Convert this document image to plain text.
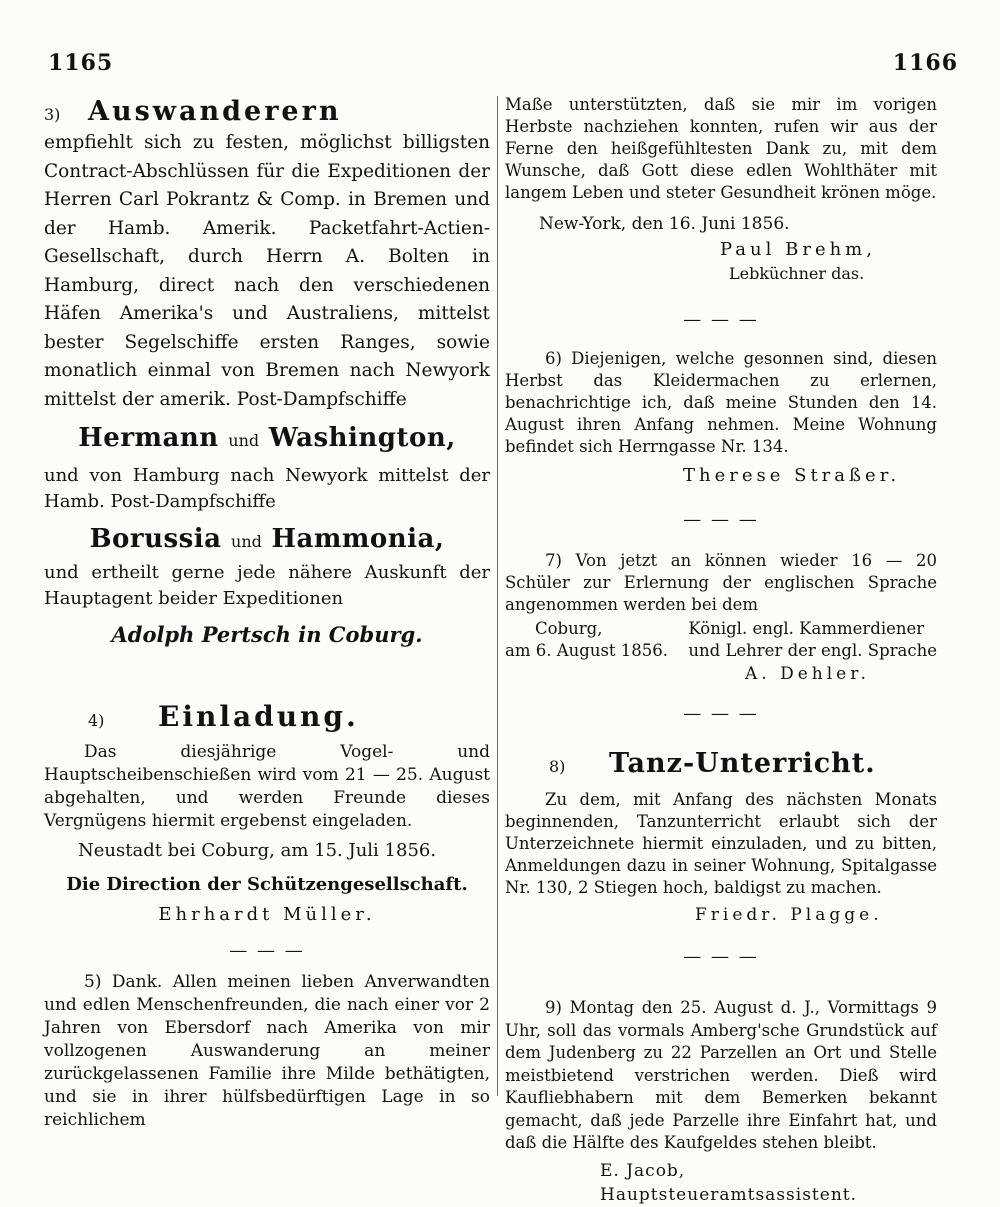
1165	1166
3)	Auswanderern

empfiehlt sich zu festen, möglichst billigsten Contract-Abschlüssen für die Expeditionen der Herren Carl Pokrantz & Comp. in Bremen und der Hamb. Amerik. Packetfahrt-Actien-Gesellschaft, durch Herrn A. Bolten in Hamburg, direct nach den verschiedenen Häfen Amerika's und Australiens, mittelst bester Segelschiffe ersten Ranges, sowie monatlich einmal von Bremen nach Newyork mittelst der amerik. Post-Dampfschiffe

Hermann und Washington,

und von Hamburg nach Newyork mittelst der Hamb. Post-Dampfschiffe

Borussia und Hammonia,

und ertheilt gerne jede nähere Auskunft der Hauptagent beider Expeditionen

Adolph Pertsch in Coburg.

4)	Einladung.

Das diesjährige Vogel- und Hauptscheibenschießen wird vom 21 — 25. August abgehalten, und werden Freunde dieses Vergnügens hiermit ergebenst eingeladen.

Neustadt bei Coburg, am 15. Juli 1856.

Die Direction der Schützengesellschaft.

Ehrhardt Müller.

— — —

5) Dank. Allen meinen lieben Anverwandten und edlen Menschenfreunden, die nach einer vor 2 Jahren von Ebersdorf nach Amerika von mir vollzogenen Auswanderung an meiner zurückgelassenen Familie ihre Milde bethätigten, und sie in ihrer hülfsbedürftigen Lage in so reichlichem

Maße unterstützten, daß sie mir im vorigen Herbste nachziehen konnten, rufen wir aus der Ferne den heißgefühltesten Dank zu, mit dem Wunsche, daß Gott diese edlen Wohlthäter mit langem Leben und steter Gesundheit krönen möge.

New-York, den 16. Juni 1856.

Paul Brehm,

Lebküchner das.

— — —

6) Diejenigen, welche gesonnen sind, diesen Herbst das Kleidermachen zu erlernen, benachrichtige ich, daß meine Stunden den 14. August ihren Anfang nehmen. Meine Wohnung befindet sich Herrngasse Nr. 134.

Therese Straßer.

— — —

7) Von jetzt an können wieder 16 — 20 Schüler zur Erlernung der englischen Sprache angenommen werden bei dem

Coburg,
am 6. August 1856.
Königl. engl. Kammerdiener
und Lehrer der engl. Sprache

A. Dehler.

— — —
8)	Tanz-Unterricht.

Zu dem, mit Anfang des nächsten Monats beginnenden, Tanzunterricht erlaubt sich der Unterzeichnete hiermit einzuladen, und zu bitten, Anmeldungen dazu in seiner Wohnung, Spitalgasse Nr. 130, 2 Stiegen hoch, baldigst zu machen.

Friedr. Plagge.

— — —

9) Montag den 25. August d. J., Vormittags 9 Uhr, soll das vormals Amberg'sche Grundstück auf dem Judenberg zu 22 Parzellen an Ort und Stelle meistbietend verstrichen werden. Dieß wird Kaufliebhabern mit dem Bemerken bekannt gemacht, daß jede Parzelle ihre Einfahrt hat, und daß die Hälfte des Kaufgeldes stehen bleibt.

E. Jacob, Hauptsteueramtsassistent.
